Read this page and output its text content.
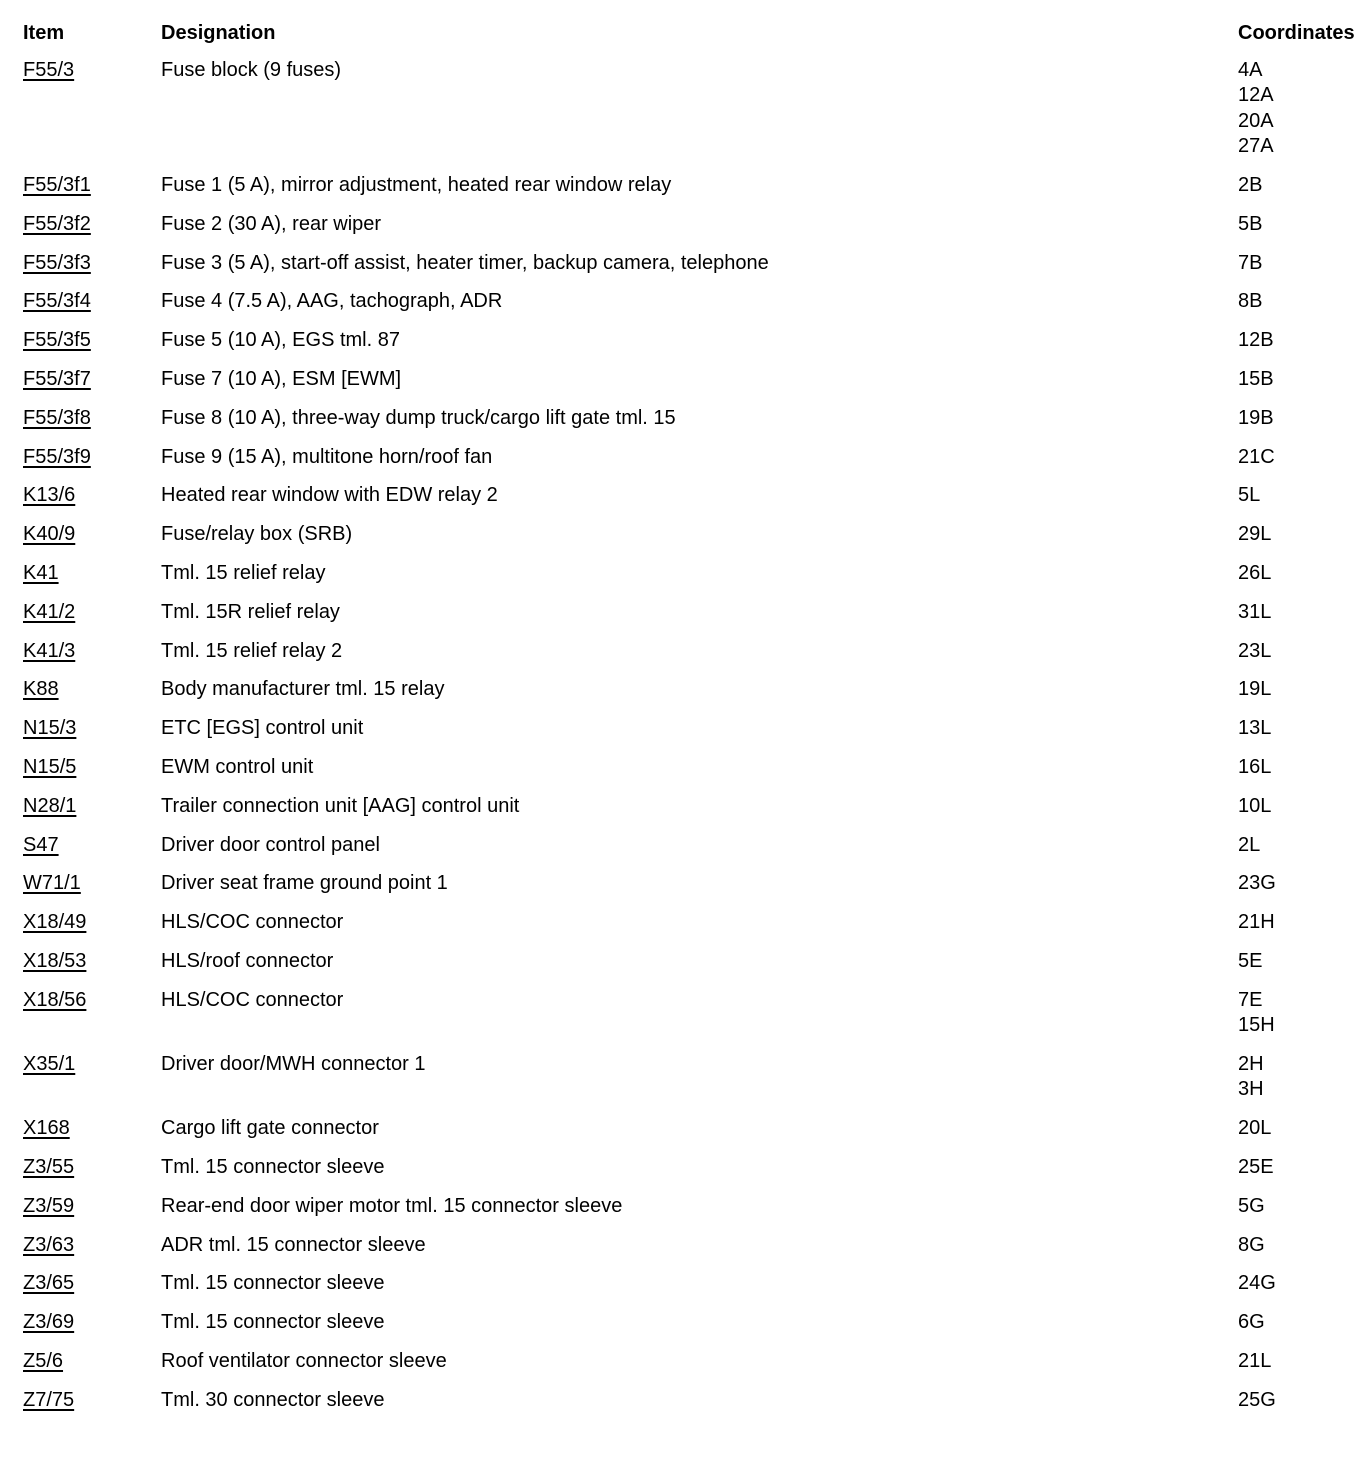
Item	Designation	Coordinates
F55/3	Fuse block (9 fuses)	4A
12A
20A
27A
F55/3f1	Fuse 1 (5 A), mirror adjustment, heated rear window relay	2B
F55/3f2	Fuse 2 (30 A), rear wiper	5B
F55/3f3	Fuse 3 (5 A), start-off assist, heater timer, backup camera, telephone	7B
F55/3f4	Fuse 4 (7.5 A), AAG, tachograph, ADR	8B
F55/3f5	Fuse 5 (10 A), EGS tml. 87	12B
F55/3f7	Fuse 7 (10 A), ESM [EWM]	15B
F55/3f8	Fuse 8 (10 A), three-way dump truck/cargo lift gate tml. 15	19B
F55/3f9	Fuse 9 (15 A), multitone horn/roof fan	21C
K13/6	Heated rear window with EDW relay 2	5L
K40/9	Fuse/relay box (SRB)	29L
K41	Tml. 15 relief relay	26L
K41/2	Tml. 15R relief relay	31L
K41/3	Tml. 15 relief relay 2	23L
K88	Body manufacturer tml. 15 relay	19L
N15/3	ETC [EGS] control unit	13L
N15/5	EWM control unit	16L
N28/1	Trailer connection unit [AAG] control unit	10L
S47	Driver door control panel	2L
W71/1	Driver seat frame ground point 1	23G
X18/49	HLS/COC connector	21H
X18/53	HLS/roof connector	5E
X18/56	HLS/COC connector	7E
15H
X35/1	Driver door/MWH connector 1	2H
3H
X168	Cargo lift gate connector	20L
Z3/55	Tml. 15 connector sleeve	25E
Z3/59	Rear-end door wiper motor tml. 15 connector sleeve	5G
Z3/63	ADR tml. 15 connector sleeve	8G
Z3/65	Tml. 15 connector sleeve	24G
Z3/69	Tml. 15 connector sleeve	6G
Z5/6	Roof ventilator connector sleeve	21L
Z7/75	Tml. 30 connector sleeve	25G
